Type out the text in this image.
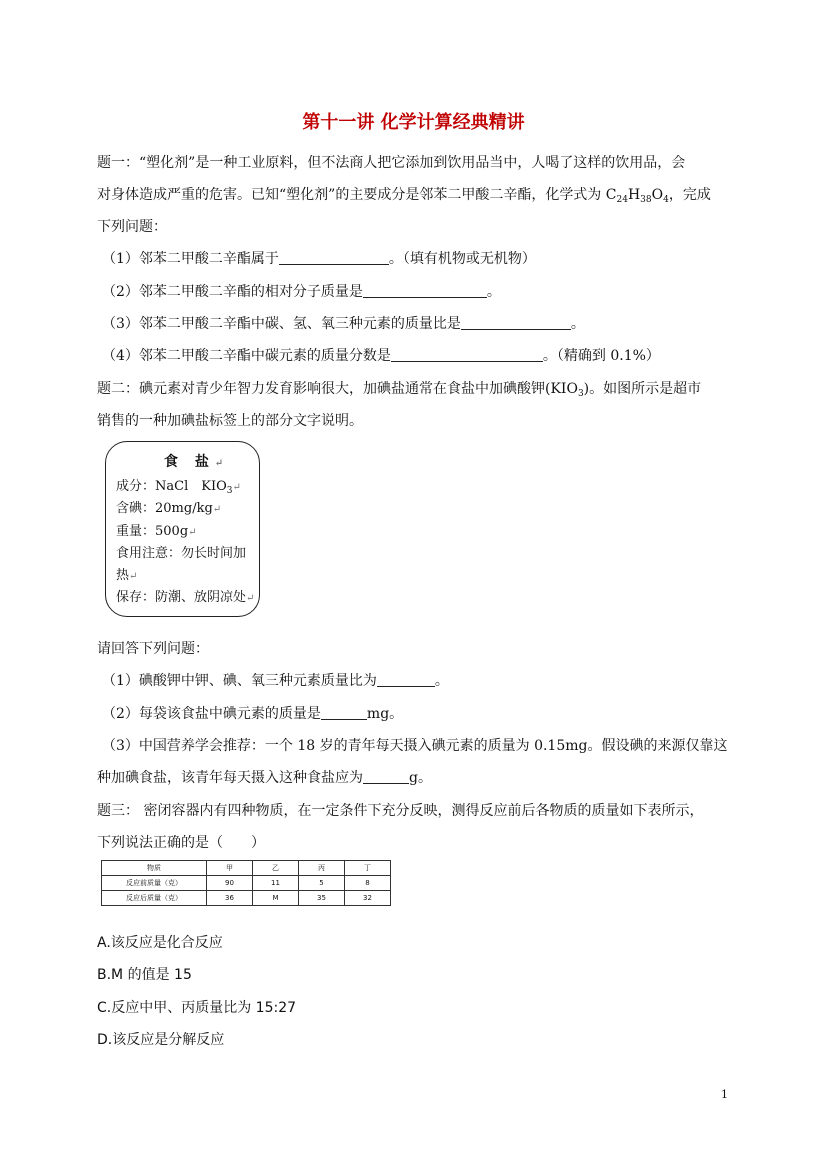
第十一讲 化学计算经典精讲
题一：“塑化剂”是一种工业原料，但不法商人把它添加到饮用品当中，人喝了这样的饮用品，会
对身体造成严重的危害。已知“塑化剂”的主要成分是邻苯二甲酸二辛酯，化学式为 $C_{24}H_{38}O_4$，完成
下列问题：
（1）邻苯二甲酸二辛酯属于	。（填有机物或无机物）
（2）邻苯二甲酸二辛酯的相对分子质量是	。
（3）邻苯二甲酸二辛酯中碳、氢、氧三种元素的质量比是	。
（4）邻苯二甲酸二辛酯中碳元素的质量分数是	。（精确到 0.1%）
题二：碘元素对青少年智力发育影响很大，加碘盐通常在食盐中加碘酸钾$(KIO_3)$。如图所示是超市
销售的一种加碘盐标签上的部分文字说明。
食 盐↵
成分：NaCl　$KIO_3↵$
含碘：20mg/kg↵
重量：500g↵
食用注意：勿长时间加
热↵
保存：防潮、放阴凉处↵
请回答下列问题：
（1）碘酸钾中钾、碘、氧三种元素质量比为	。
（2）每袋该食盐中碘元素的质量是	mg。
（3）中国营养学会推荐：一个 18 岁的青年每天摄入碘元素的质量为 0.15mg。假设碘的来源仅靠这
种加碘食盐，该青年每天摄入这种食盐应为	g。
题三： 密闭容器内有四种物质，在一定条件下充分反映，测得反应前后各物质的质量如下表所示，
下列说法正确的是（　　）
物质	甲	乙	丙	丁
反应前质量（克）	90	11	5	8
反应后质量（克）	36	M	35	32
A.该反应是化合反应
B.M 的值是 15
C.反应中甲、丙质量比为 15:27
D.该反应是分解反应
1
